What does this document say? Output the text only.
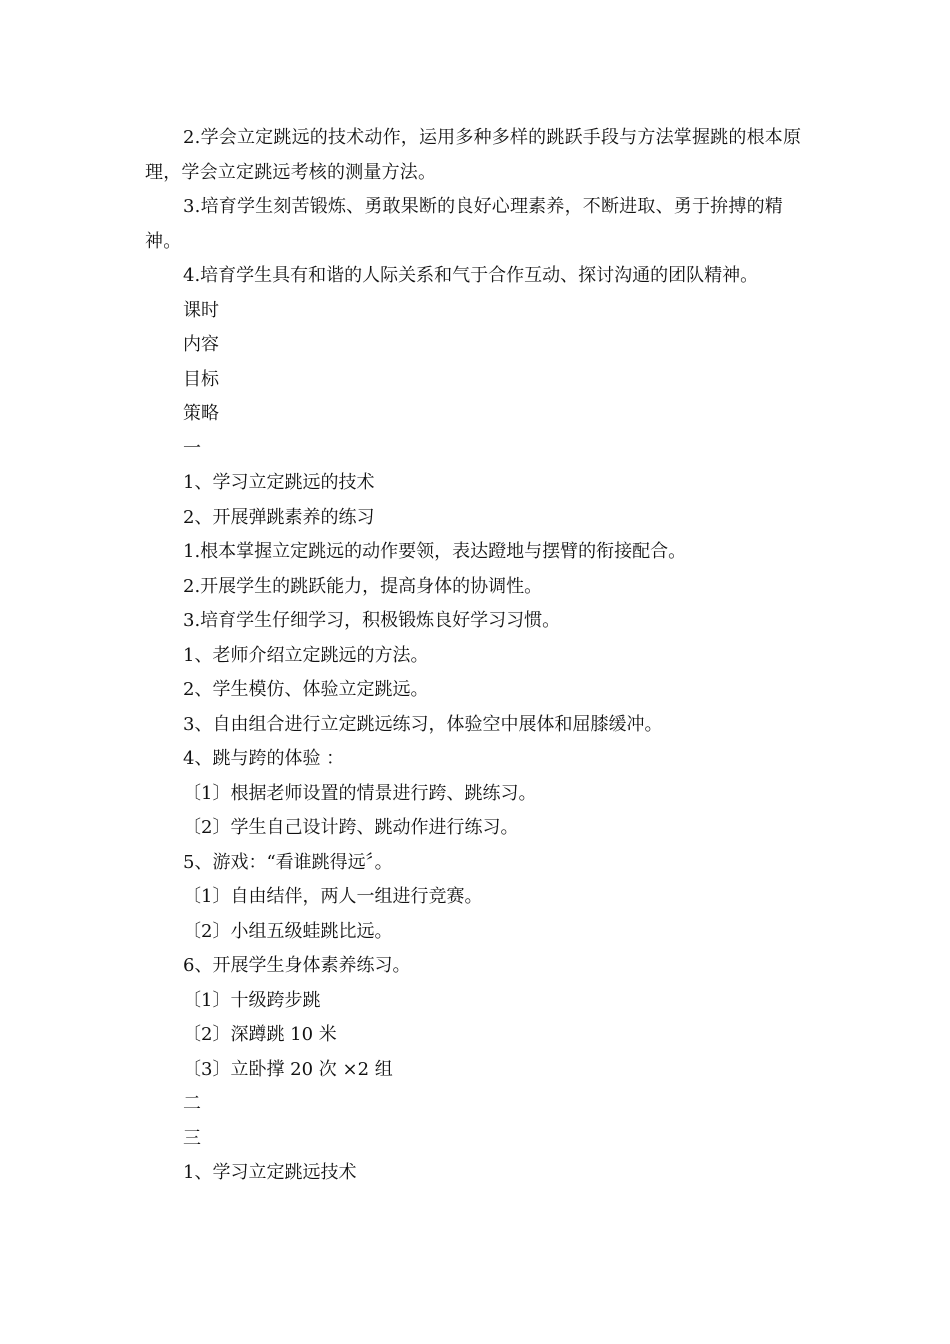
2.学会立定跳远的技术动作，运用多种多样的跳跃手段与方法掌握跳的根本原理，学会立定跳远考核的测量方法。

3.培育学生刻苦锻炼、勇敢果断的良好心理素养，不断进取、勇于拚搏的精神。

4.培育学生具有和谐的人际关系和气于合作互动、探讨沟通的团队精神。

课时

内容

目标

策略

一

1、学习立定跳远的技术

2、开展弹跳素养的练习

1.根本掌握立定跳远的动作要领，表达蹬地与摆臂的衔接配合。

2.开展学生的跳跃能力，提高身体的协调性。

3.培育学生仔细学习，积极锻炼良好学习习惯。

1、老师介绍立定跳远的方法。

2、学生模仿、体验立定跳远。

3、自由组合进行立定跳远练习，体验空中展体和屈膝缓冲。

4、跳与跨的体验 ：

〔1〕根据老师设置的情景进行跨、跳练习。

〔2〕学生自己设计跨、跳动作进行练习。

5、游戏：“看谁跳得远〞。

〔1〕自由结伴，两人一组进行竞赛。

〔2〕小组五级蛙跳比远。

6、开展学生身体素养练习。

〔1〕十级跨步跳

〔2〕深蹲跳 10 米

〔3〕立卧撑 20 次 ×2 组

二

三

1、学习立定跳远技术
